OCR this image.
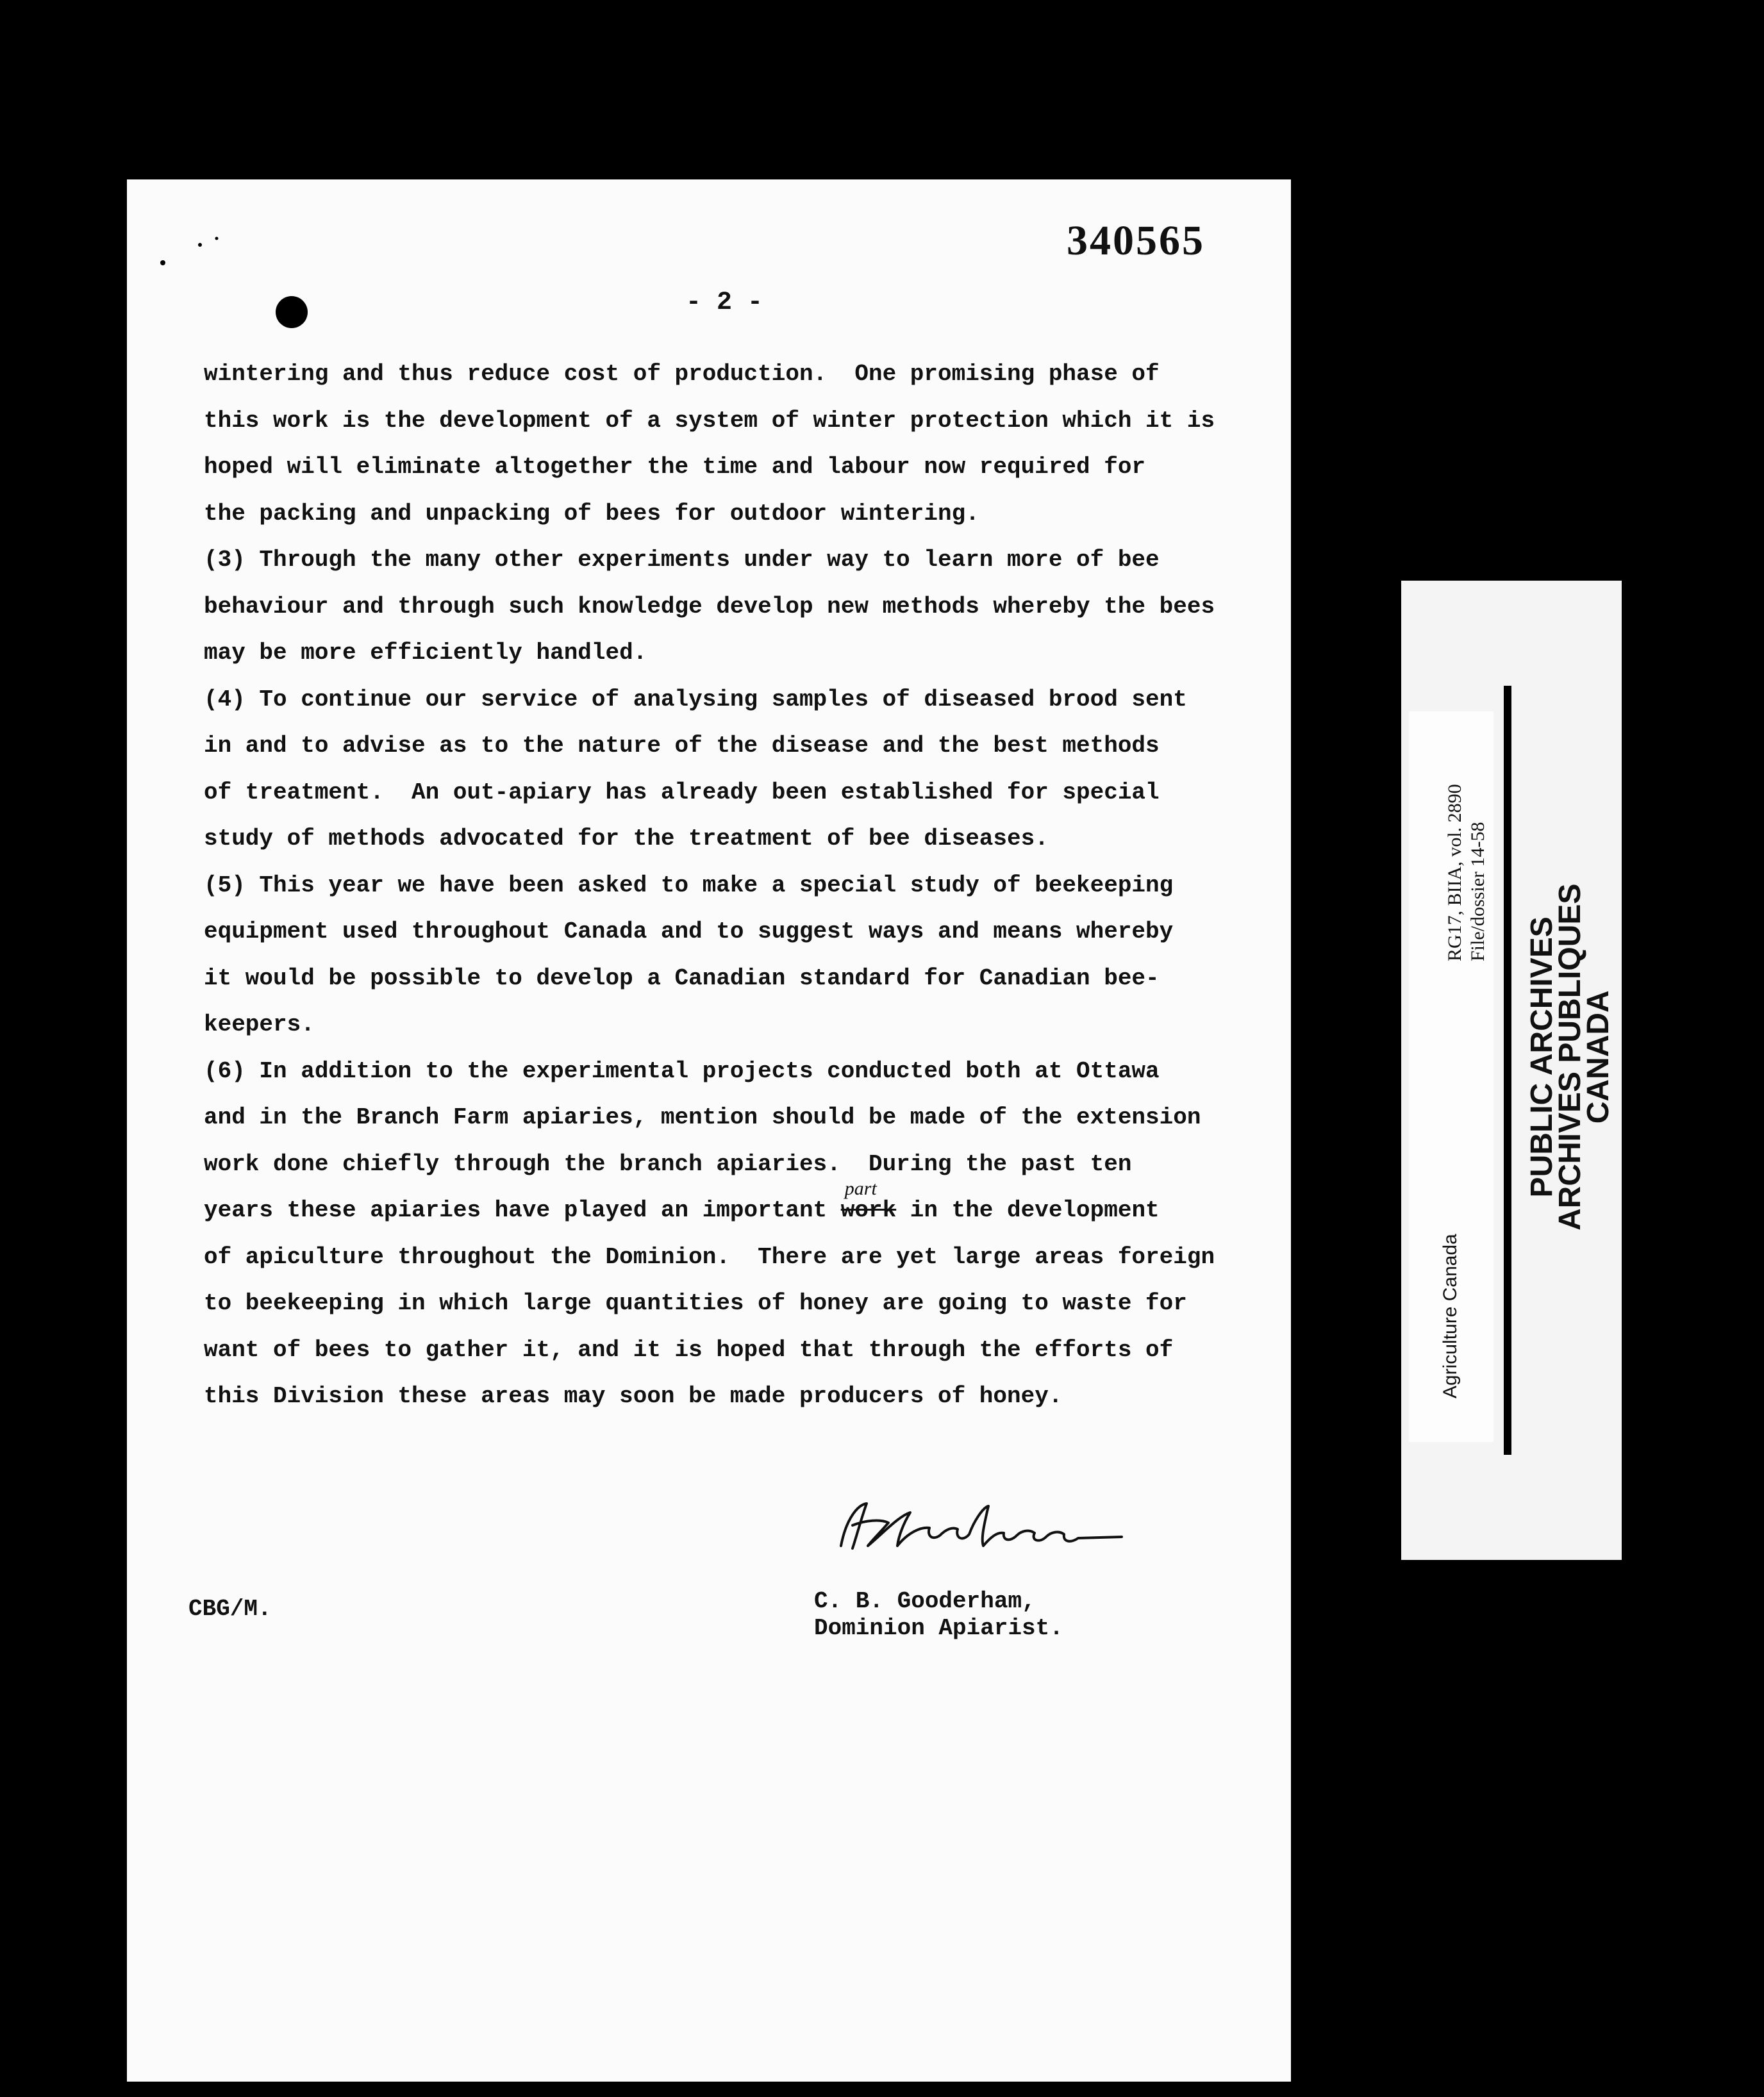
340565
- 2 -
wintering and thus reduce cost of production.  One promising phase of
this work is the development of a system of winter protection which it is
hoped will eliminate altogether the time and labour now required for
the packing and unpacking of bees for outdoor wintering.
(3) Through the many other experiments under way to learn more of bee
behaviour and through such knowledge develop new methods whereby the bees
may be more efficiently handled.
(4) To continue our service of analysing samples of diseased brood sent
in and to advise as to the nature of the disease and the best methods
of treatment.  An out-apiary has already been established for special
study of methods advocated for the treatment of bee diseases.
(5) This year we have been asked to make a special study of beekeeping
equipment used throughout Canada and to suggest ways and means whereby
it would be possible to develop a Canadian standard for Canadian bee-
keepers.
(6) In addition to the experimental projects conducted both at Ottawa
and in the Branch Farm apiaries, mention should be made of the extension
work done chiefly through the branch apiaries.  During the past ten
years these apiaries have played an important
part
work in the development
of apiculture throughout the Dominion.  There are yet large areas foreign
to beekeeping in which large quantities of honey are going to waste for
want of bees to gather it, and it is hoped that through the efforts of
this Division these areas may soon be made producers of honey.
CBG/M.	C. B. Gooderham,
Dominion Apiarist.
Agriculture Canada
RG17, BIIA, vol. 2890 File/dossier 14-58
PUBLIC ARCHIVES
ARCHIVES PUBLIQUES
CANADA
